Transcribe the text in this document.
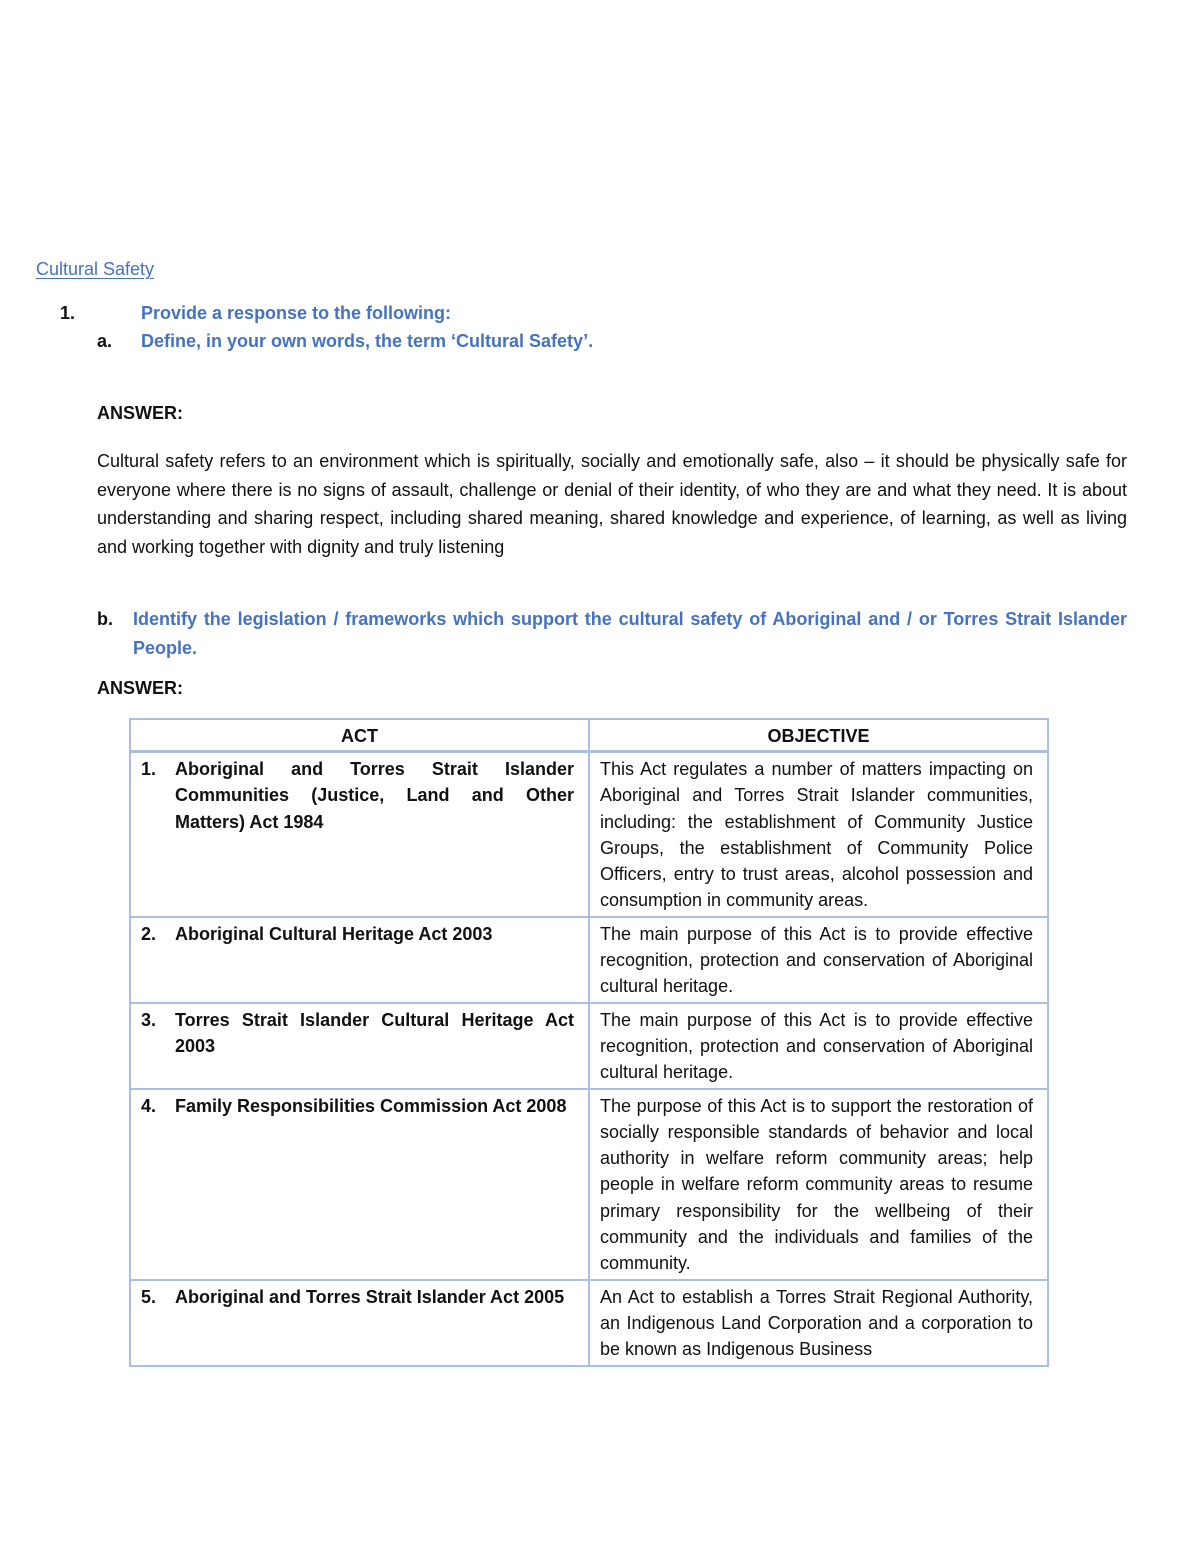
Cultural Safety
1.	Provide a response to the following:
a. Define, in your own words, the term ‘Cultural Safety’.
ANSWER:
Cultural safety refers to an environment which is spiritually, socially and emotionally safe, also – it should be physically safe for everyone where there is no signs of assault, challenge or denial of their identity, of who they are and what they need. It is about understanding and sharing respect, including shared meaning, shared knowledge and experience, of learning, as well as living and working together with dignity and truly listening
b. Identify the legislation / frameworks which support the cultural safety of Aboriginal and / or Torres Strait Islander People.
ANSWER:
ACT	OBJECTIVE

1. Aboriginal and Torres Strait Islander Communities (Justice, Land and Other Matters) Act 1984	This Act regulates a number of matters impacting on Aboriginal and Torres Strait Islander communities, including: the establishment of Community Justice Groups, the establishment of Community Police Officers, entry to trust areas, alcohol possession and consumption in community areas.

2. Aboriginal Cultural Heritage Act 2003	The main purpose of this Act is to provide effective recognition, protection and conservation of Aboriginal cultural heritage.

3. Torres Strait Islander Cultural Heritage Act 2003	The main purpose of this Act is to provide effective recognition, protection and conservation of Aboriginal cultural heritage.

4. Family Responsibilities Commission Act 2008	The purpose of this Act is to support the restoration of socially responsible standards of behavior and local authority in welfare reform community areas; help people in welfare reform community areas to resume primary responsibility for the wellbeing of their community and the individuals and families of the community.

5. Aboriginal and Torres Strait Islander Act 2005	An Act to establish a Torres Strait Regional Authority, an Indigenous Land Corporation and a corporation to be known as Indigenous Business
